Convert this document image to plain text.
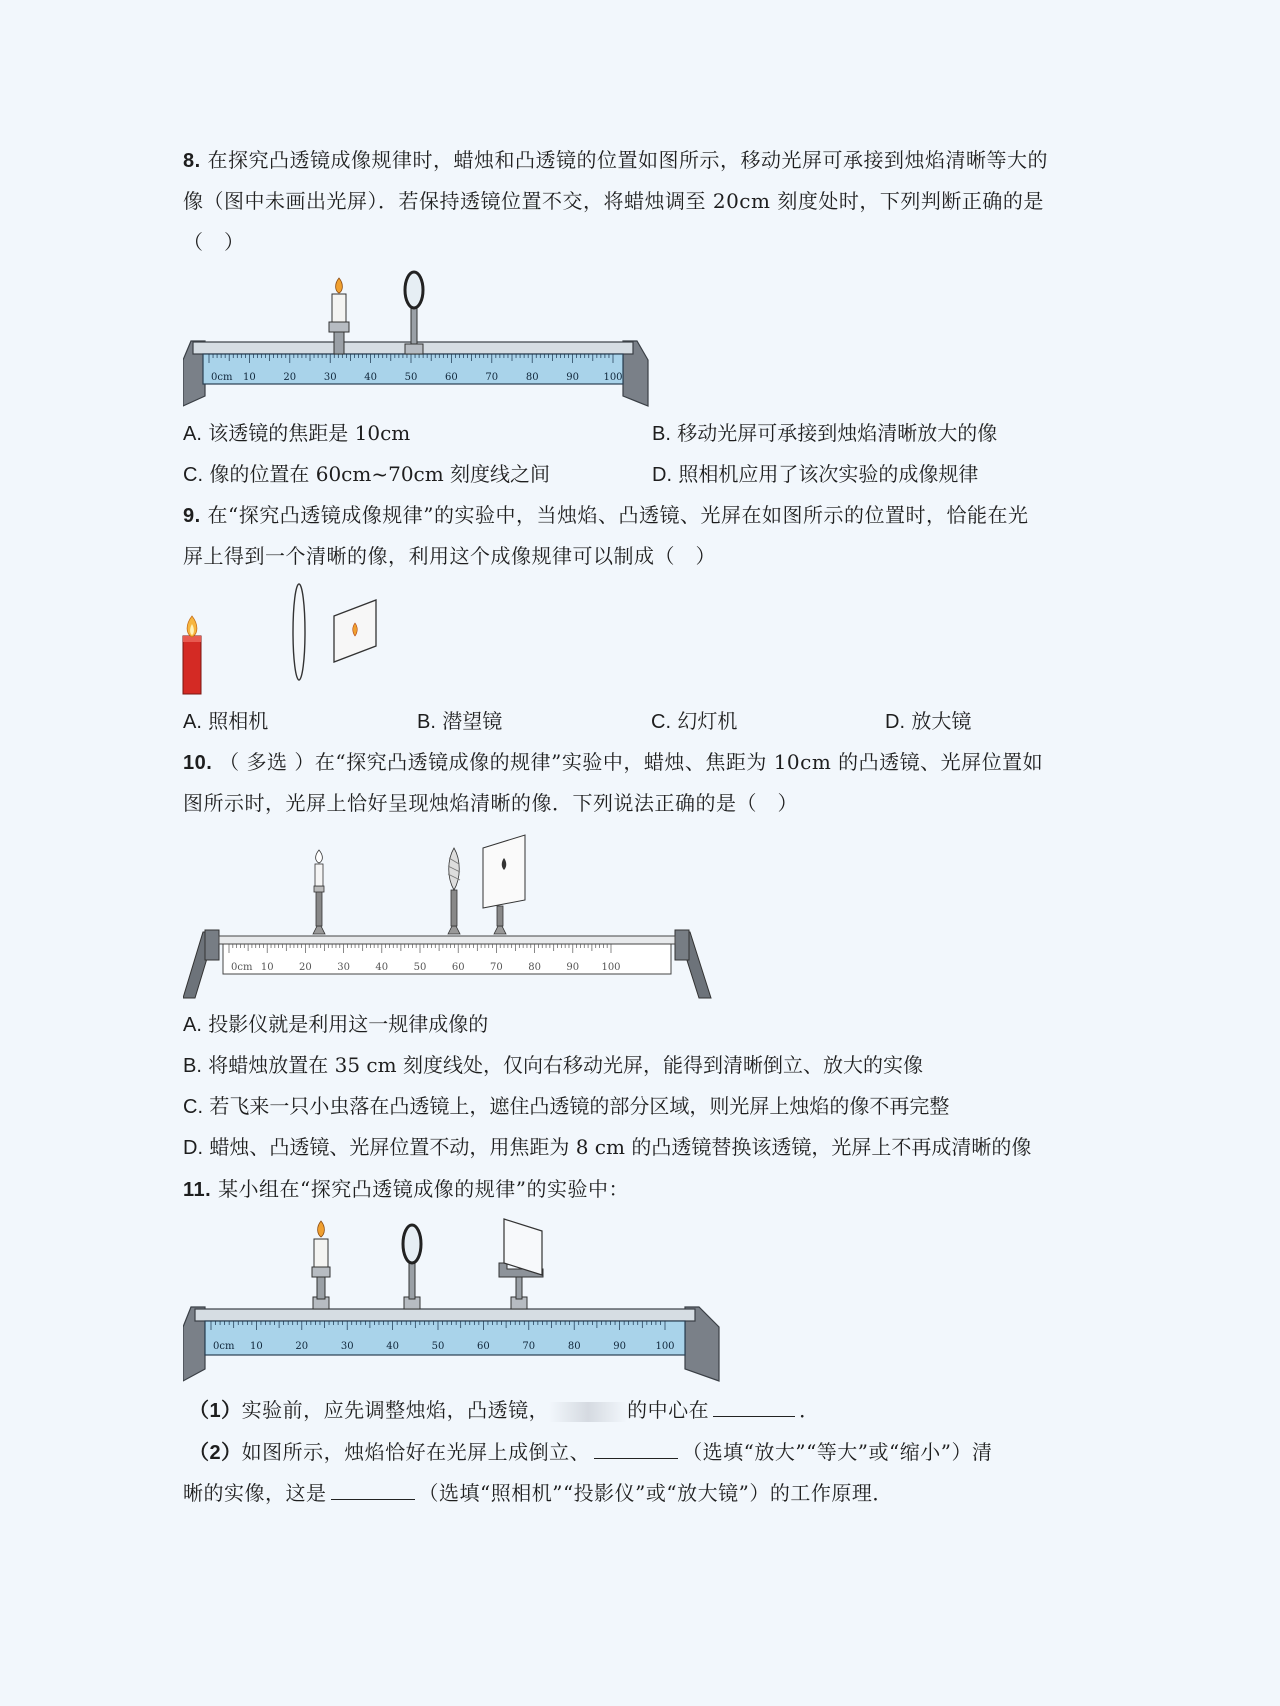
8. 在探究凸透镜成像规律时，蜡烛和凸透镜的位置如图所示，移动光屏可承接到烛焰清晰等大的
像（图中未画出光屏）．若保持透镜位置不交，将蜡烛调至 20cm 刻度处时，下列判断正确的是
（　）
0cm 10	20	30	40	50	60	70	80	90 100
A. 该透镜的焦距是 10cm	B. 移动光屏可承接到烛焰清晰放大的像
C. 像的位置在 60cm~70cm 刻度线之间	D. 照相机应用了该次实验的成像规律
9. 在“探究凸透镜成像规律”的实验中，当烛焰、凸透镜、光屏在如图所示的位置时，恰能在光
屏上得到一个清晰的像，利用这个成像规律可以制成（　）
A. 照相机	B. 潜望镜	C. 幻灯机	D. 放大镜
10. （ 多选 ）在“探究凸透镜成像的规律”实验中，蜡烛、焦距为 10cm 的凸透镜、光屏位置如
图所示时，光屏上恰好呈现烛焰清晰的像．下列说法正确的是（　）
0cm 10	20	30	40	50	60	70	80	90 100
A. 投影仪就是利用这一规律成像的
B. 将蜡烛放置在 35 cm 刻度线处，仅向右移动光屏，能得到清晰倒立、放大的实像
C. 若飞来一只小虫落在凸透镜上，遮住凸透镜的部分区域，则光屏上烛焰的像不再完整
D. 蜡烛、凸透镜、光屏位置不动，用焦距为 8 cm 的凸透镜替换该透镜，光屏上不再成清晰的像
11. 某小组在“探究凸透镜成像的规律”的实验中：
0cm 10	20	30	40	50	60	70	80	90	100
（1）实验前，应先调整烛焰，凸透镜，	的中心在	．
（2）如图所示，烛焰恰好在光屏上成倒立、	（选填“放大”“等大”或“缩小”）清
晰的实像，这是	（选填“照相机”“投影仪”或“放大镜”）的工作原理．
